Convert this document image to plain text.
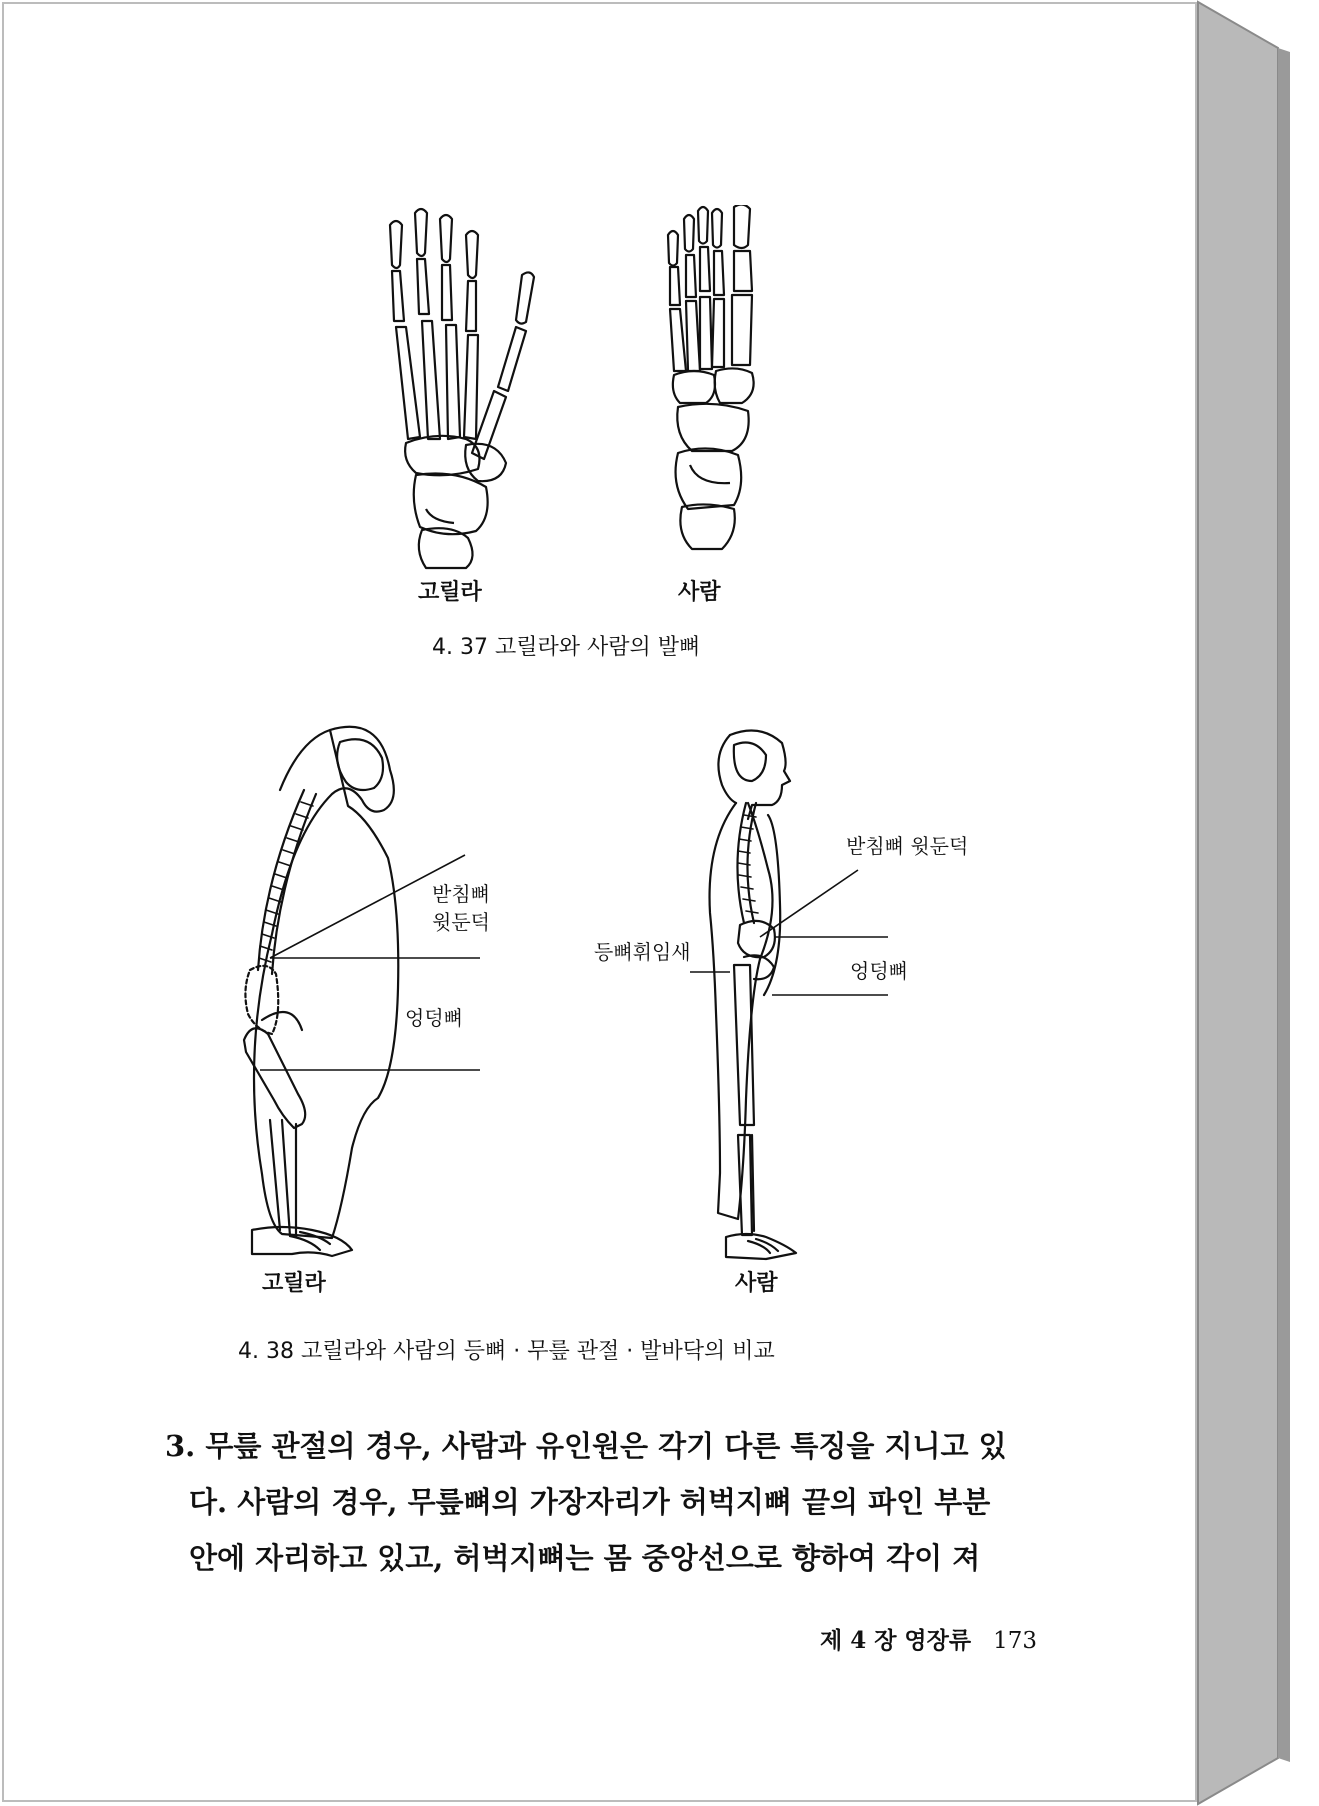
고릴라	사람
4. 37 고릴라와 사람의 발뼈
받침뼈
윗둔덕
엉덩뼈
받침뼈 윗둔덕
등뼈휘임새
엉덩뼈
고릴라	사람
4. 38 고릴라와 사람의 등뼈 · 무릎 관절 · 발바닥의 비교
3. 무릎 관절의 경우, 사람과 유인원은 각기 다른 특징을 지니고 있
다. 사람의 경우, 무릎뼈의 가장자리가 허벅지뼈 끝의 파인 부분
안에 자리하고 있고, 허벅지뼈는 몸 중앙선으로 향하여 각이 져
제 4 장 영장류 173
